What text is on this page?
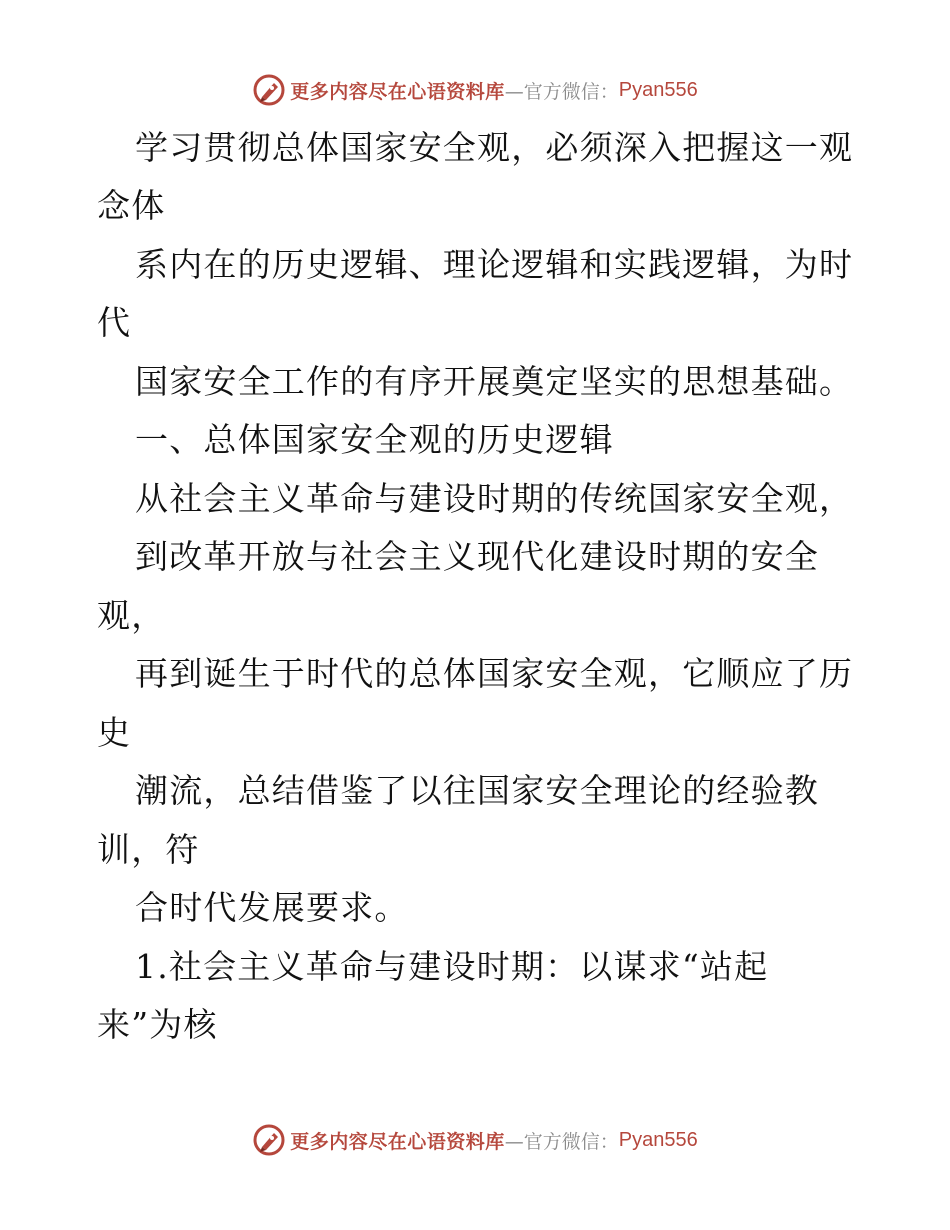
更多内容尽在心语资料库 —官方微信： Pyan556
学习贯彻总体国家安全观，必须深入把握这一观
念体
系内在的历史逻辑、理论逻辑和实践逻辑，为时
代
国家安全工作的有序开展奠定坚实的思想基础。
一、总体国家安全观的历史逻辑
从社会主义革命与建设时期的传统国家安全观，
到改革开放与社会主义现代化建设时期的安全
观，
再到诞生于时代的总体国家安全观，它顺应了历
史
潮流，总结借鉴了以往国家安全理论的经验教
训，符
合时代发展要求。
1.社会主义革命与建设时期：以谋求“站起
来”为核
更多内容尽在心语资料库 —官方微信： Pyan556
